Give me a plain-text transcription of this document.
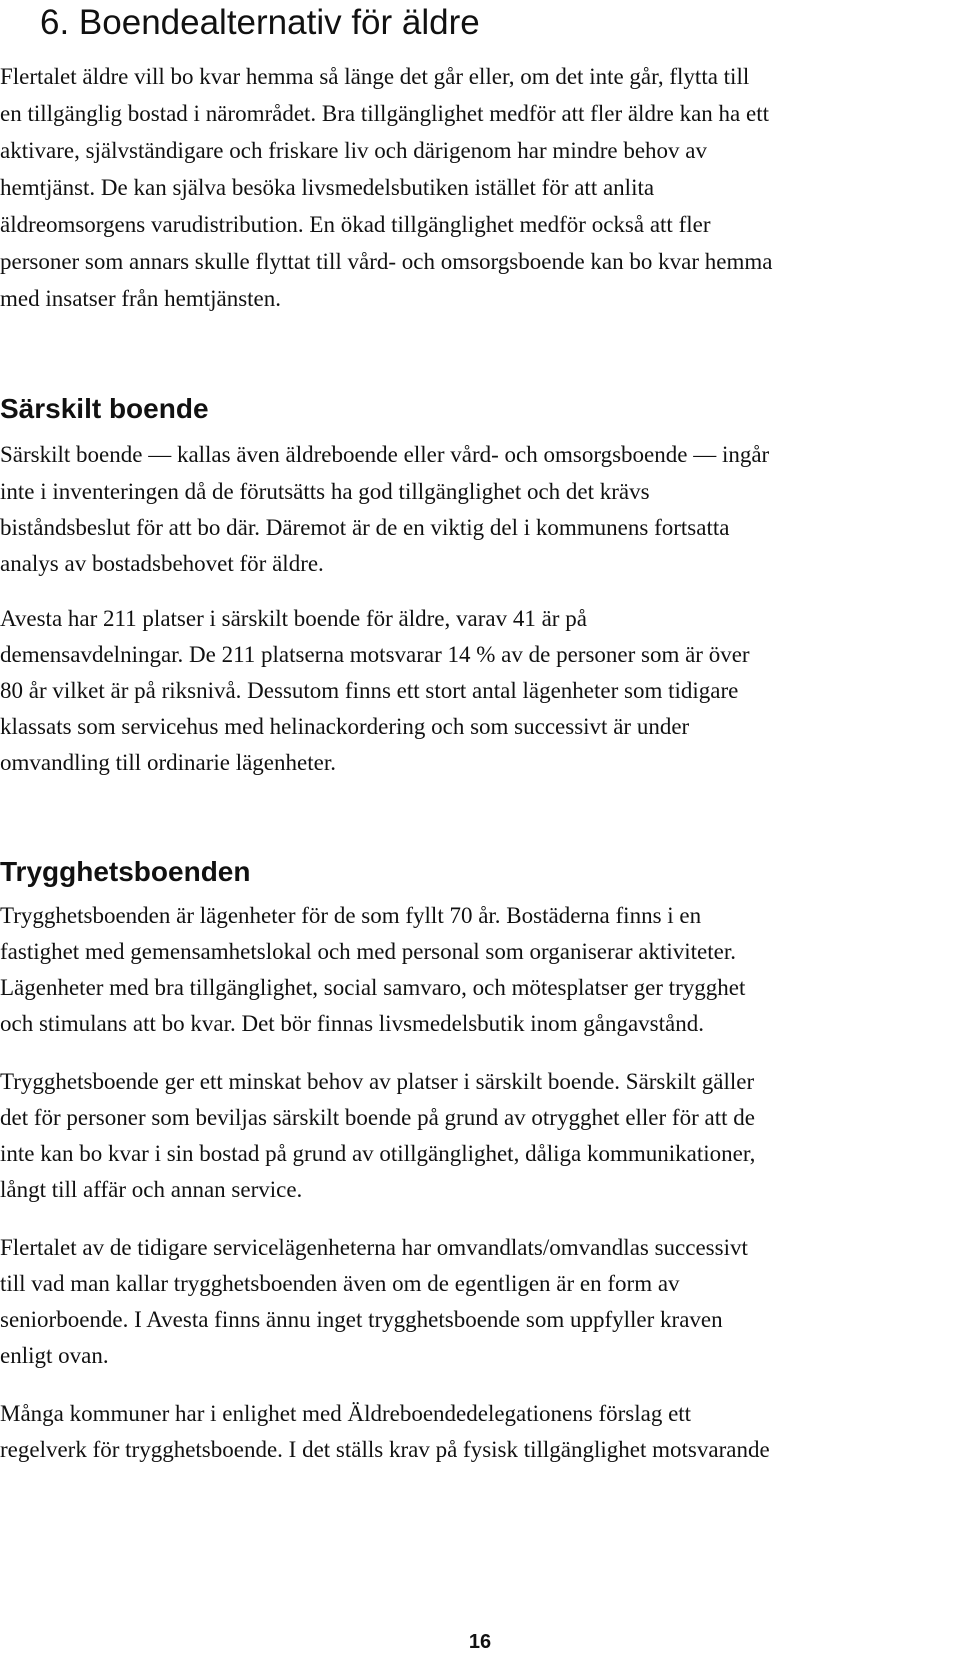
6. Boendealternativ för äldre

Flertalet äldre vill bo kvar hemma så länge det går eller, om det inte går, flytta till

en tillgänglig bostad i närområdet. Bra tillgänglighet medför att fler äldre kan ha ett

aktivare, självständigare och friskare liv och därigenom har mindre behov av

hemtjänst. De kan själva besöka livsmedelsbutiken istället för att anlita

äldreomsorgens varudistribution. En ökad tillgänglighet medför också att fler

personer som annars skulle flyttat till vård- och omsorgsboende kan bo kvar hemma

med insatser från hemtjänsten.

Särskilt boende

Särskilt boende — kallas även äldreboende eller vård- och omsorgsboende — ingår

inte i inventeringen då de förutsätts ha god tillgänglighet och det krävs

biståndsbeslut för att bo där. Däremot är de en viktig del i kommunens fortsatta

analys av bostadsbehovet för äldre.

Avesta har 211 platser i särskilt boende för äldre, varav 41 är på

demensavdelningar. De 211 platserna motsvarar 14 % av de personer som är över

80 år vilket är på riksnivå. Dessutom finns ett stort antal lägenheter som tidigare

klassats som servicehus med helinackordering och som successivt är under

omvandling till ordinarie lägenheter.

Trygghetsboenden

Trygghetsboenden är lägenheter för de som fyllt 70 år. Bostäderna finns i en

fastighet med gemensamhetslokal och med personal som organiserar aktiviteter.

Lägenheter med bra tillgänglighet, social samvaro, och mötesplatser ger trygghet

och stimulans att bo kvar. Det bör finnas livsmedelsbutik inom gångavstånd.

Trygghetsboende ger ett minskat behov av platser i särskilt boende. Särskilt gäller

det för personer som beviljas särskilt boende på grund av otrygghet eller för att de

inte kan bo kvar i sin bostad på grund av otillgänglighet, dåliga kommunikationer,

långt till affär och annan service.

Flertalet av de tidigare servicelägenheterna har omvandlats/omvandlas successivt

till vad man kallar trygghetsboenden även om de egentligen är en form av

seniorboende. I Avesta finns ännu inget trygghetsboende som uppfyller kraven

enligt ovan.

Många kommuner har i enlighet med Äldreboendedelegationens förslag ett

regelverk för trygghetsboende. I det ställs krav på fysisk tillgänglighet motsvarande

16
